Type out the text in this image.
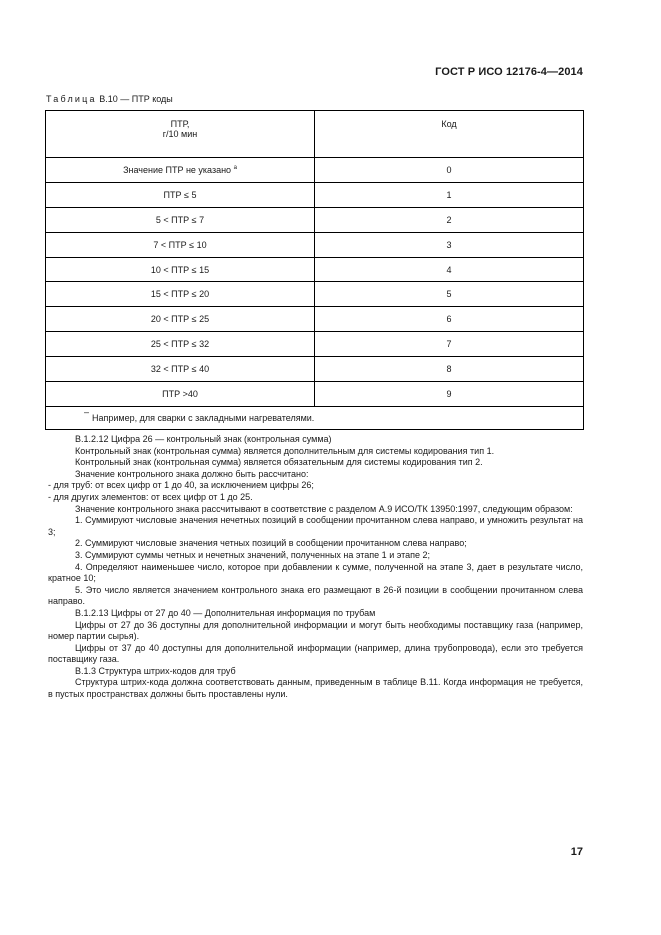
ГОСТ Р ИСО 12176-4—2014
Таблица В.10 — ПТР коды
ПТР,
г/10 мин	Код
Значение ПТР не указано $^а$	0
ПТР ≤ 5	1
5 < ПТР ≤ 7	2
7 < ПТР ≤ 10	3
10 < ПТР ≤ 15	4
15 < ПТР ≤ 20	5
20 < ПТР ≤ 25	6
25 < ПТР ≤ 32	7
32 < ПТР ≤ 40	8
ПТР >40	9

–
Например, для сварки с закладными нагревателями.	

В.1.2.12 Цифра 26 — контрольный знак (контрольная сумма)

Контрольный знак (контрольная сумма) является дополнительным для системы кодирования тип 1.

Контрольный знак (контрольная сумма) является обязательным для системы кодирования тип 2.

Значение контрольного знака должно быть рассчитано:

- для труб: от всех цифр от 1 до 40, за исключением цифры 26;

- для других элементов: от всех цифр от 1 до 25.

Значение контрольного знака рассчитывают в соответствие с разделом А.9 ИСО/ТК 13950:1997, следующим образом:

1. Суммируют числовые значения нечетных позиций в сообщении прочитанном слева направо, и умножить результат на 3;

2. Суммируют числовые значения четных позиций в сообщении прочитанном слева направо;

3. Суммируют суммы четных и нечетных значений, полученных на этапе 1 и этапе 2;

4. Определяют наименьшее число, которое при добавлении к сумме, полученной на этапе 3, дает в результате число, кратное 10;

5. Это число является значением контрольного знака его размещают в 26-й позиции в сообщении прочитанном слева направо.

В.1.2.13 Цифры от 27 до 40 — Дополнительная информация по трубам

Цифры от 27 до 36 доступны для дополнительной информации и могут быть необходимы поставщику газа (например, номер партии сырья).

Цифры от 37 до 40 доступны для дополнительной информации (например, длина трубопровода), если это требуется поставщику газа.

В.1.3 Структура штрих-кодов для труб

Структура штрих-кода должна соответствовать данным, приведенным в таблице В.11. Когда информация не требуется, в пустых пространствах должны быть проставлены нули.

17
